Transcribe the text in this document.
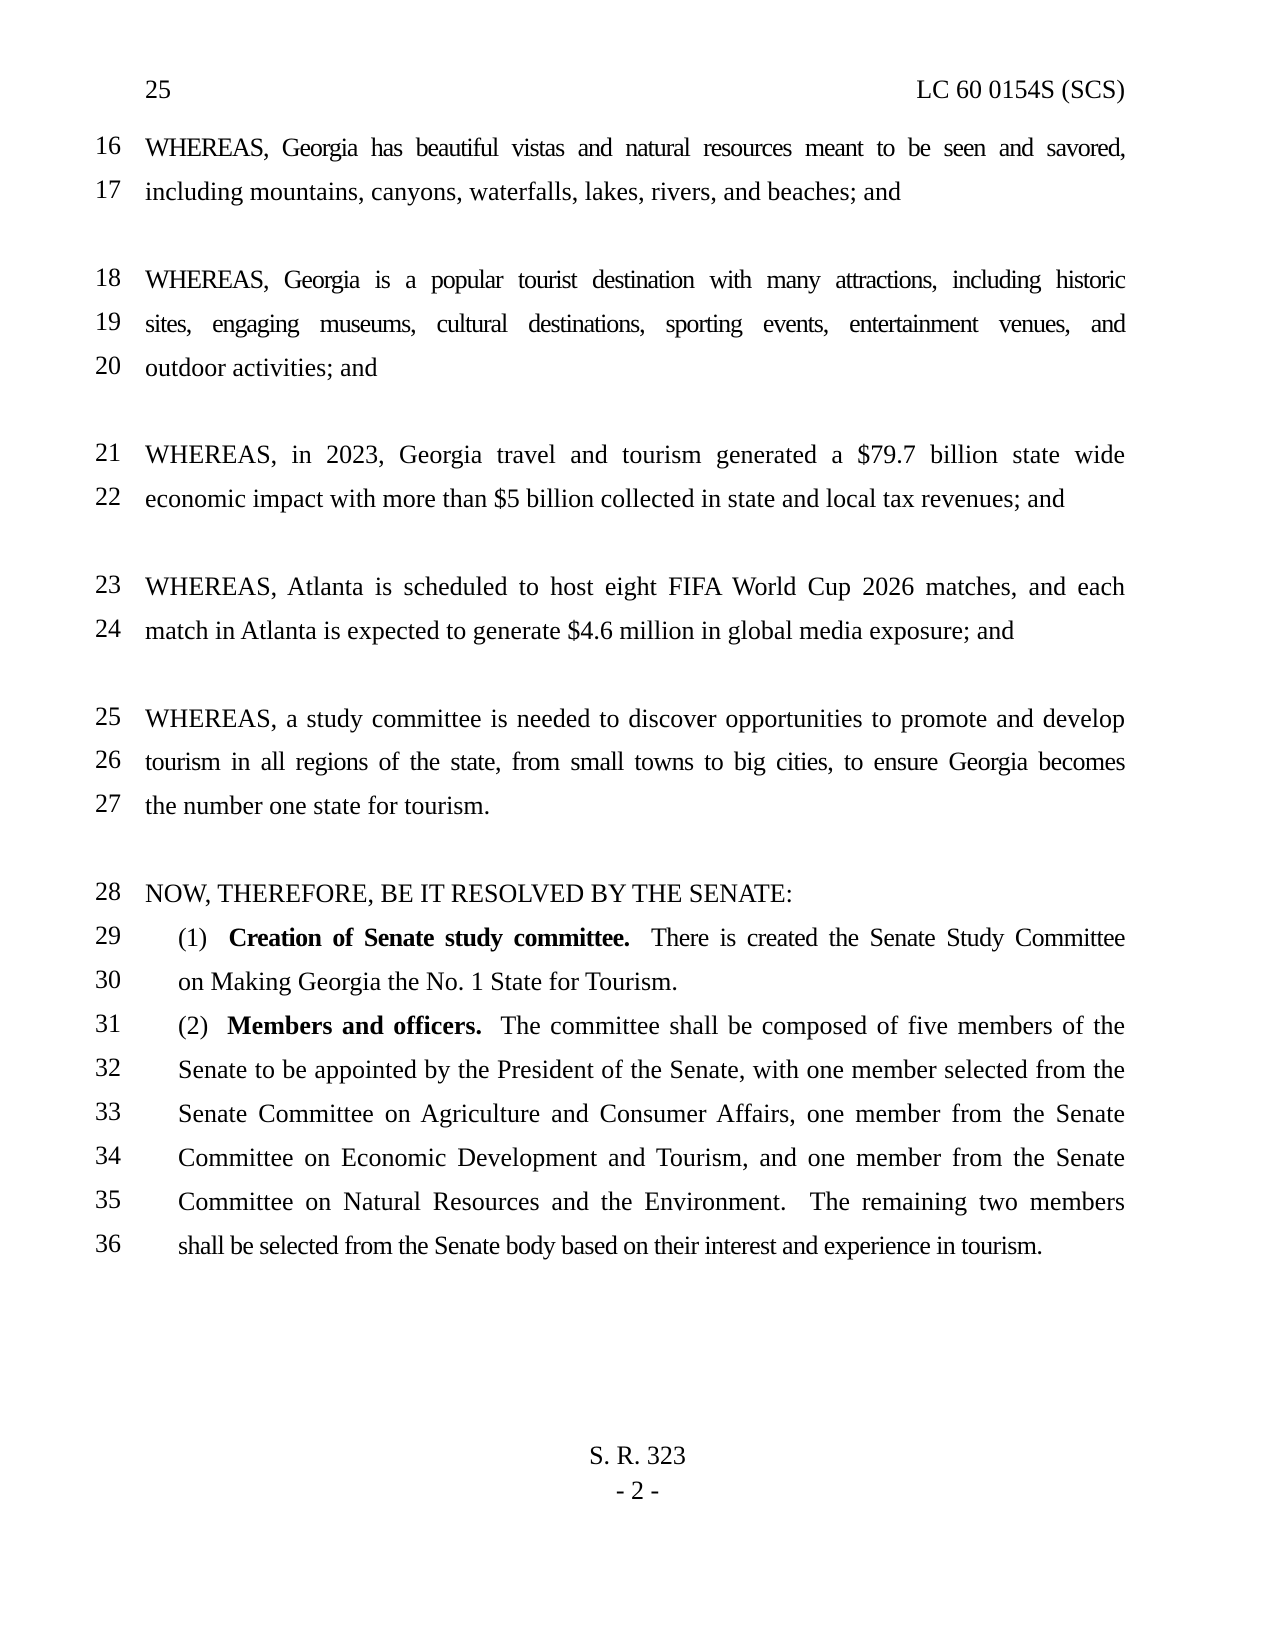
25	LC 60 0154S (SCS)
16 WHEREAS, Georgia has beautiful vistas and natural resources meant to be seen and savored,
17 including mountains, canyons, waterfalls, lakes, rivers, and beaches; and
18 WHEREAS, Georgia is a popular tourist destination with many attractions, including historic
19 sites, engaging museums, cultural destinations, sporting events, entertainment venues, and
20 outdoor activities; and
21 WHEREAS, in 2023, Georgia travel and tourism generated a $79.7 billion state wide
22 economic impact with more than $5 billion collected in state and local tax revenues; and
23 WHEREAS, Atlanta is scheduled to host eight FIFA World Cup 2026 matches, and each
24 match in Atlanta is expected to generate $4.6 million in global media exposure; and
25 WHEREAS, a study committee is needed to discover opportunities to promote and develop
26 tourism in all regions of the state, from small towns to big cities, to ensure Georgia becomes
27 the number one state for tourism.
28 NOW, THEREFORE, BE IT RESOLVED BY THE SENATE:
29	(1)  Creation of Senate study committee.  There is created the Senate Study Committee
30	on Making Georgia the No. 1 State for Tourism.
31	(2)  Members and officers.  The committee shall be composed of five members of the
32	Senate to be appointed by the President of the Senate, with one member selected from the
33	Senate Committee on Agriculture and Consumer Affairs, one member from the Senate
34	Committee on Economic Development and Tourism, and one member from the Senate
35	Committee on Natural Resources and the Environment.  The remaining two members
36	shall be selected from the Senate body based on their interest and experience in tourism.
S. R. 323
- 2 -
